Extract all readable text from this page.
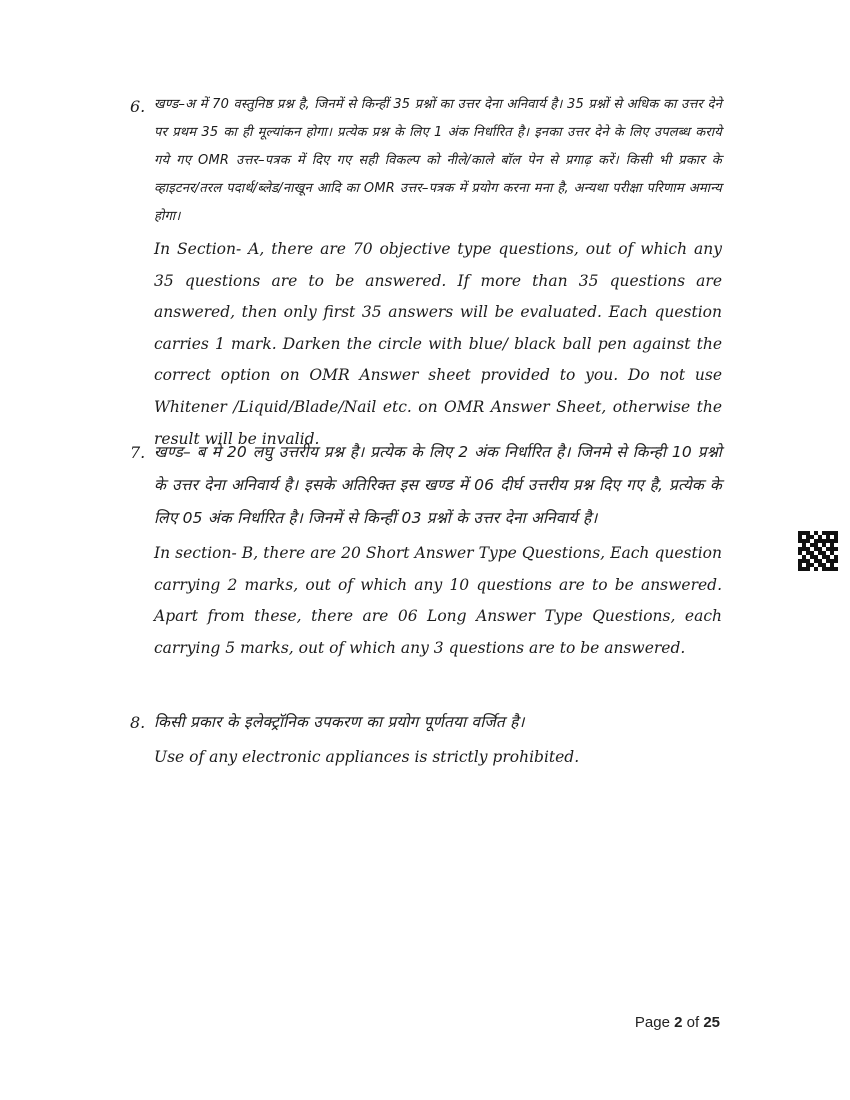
6. खण्ड–अ में 70 वस्तुनिष्ठ प्रश्न है, जिनमें से किन्हीं 35 प्रश्नों का उत्तर देना अनिवार्य है। 35 प्रश्नों से अधिक का उत्तर देने पर प्रथम 35 का ही मूल्यांकन होगा। प्रत्येक प्रश्न के लिए 1 अंक निर्धारित है। इनका उत्तर देने के लिए उपलब्ध कराये गये गए OMR उत्तर–पत्रक में दिए गए सही विकल्प को नीले/काले बॉल पेन से प्रगाढ़ करें। किसी भी प्रकार के व्हाइटनर/तरल पदार्थ/ब्लेड/नाखून आदि का OMR उत्तर–पत्रक में प्रयोग करना मना है, अन्यथा परीक्षा परिणाम अमान्य होगा।
In Section- A, there are 70 objective type questions, out of which any 35 questions are to be answered. If more than 35 questions are answered, then only first 35 answers will be evaluated. Each question carries 1 mark. Darken the circle with blue/ black ball pen against the correct option on OMR Answer sheet provided to you. Do not use Whitener /Liquid/Blade/Nail etc. on OMR Answer Sheet, otherwise the result will be invalid.
7. खण्ड– ब मे 20 लघु उत्तरीय प्रश्न है। प्रत्येक के लिए 2 अंक निर्धारित है। जिनमे से किन्ही 10 प्रश्नो के उत्तर देना अनिवार्य है। इसके अतिरिक्त इस खण्ड में 06 दीर्घ उत्तरीय प्रश्न दिए गए है, प्रत्येक के लिए 05 अंक निर्धारित है। जिनमें से किन्हीं 03 प्रश्नों के उत्तर देना अनिवार्य है।
In section- B, there are 20 Short Answer Type Questions, Each question carrying 2 marks, out of which any 10 questions are to be answered. Apart from these, there are 06 Long Answer Type Questions, each carrying 5 marks, out of which any 3 questions are to be answered.
8. किसी प्रकार के इलेक्ट्रॉनिक उपकरण का प्रयोग पूर्णतया वर्जित है।
Use of any electronic appliances is strictly prohibited.
Page 2 of 25
